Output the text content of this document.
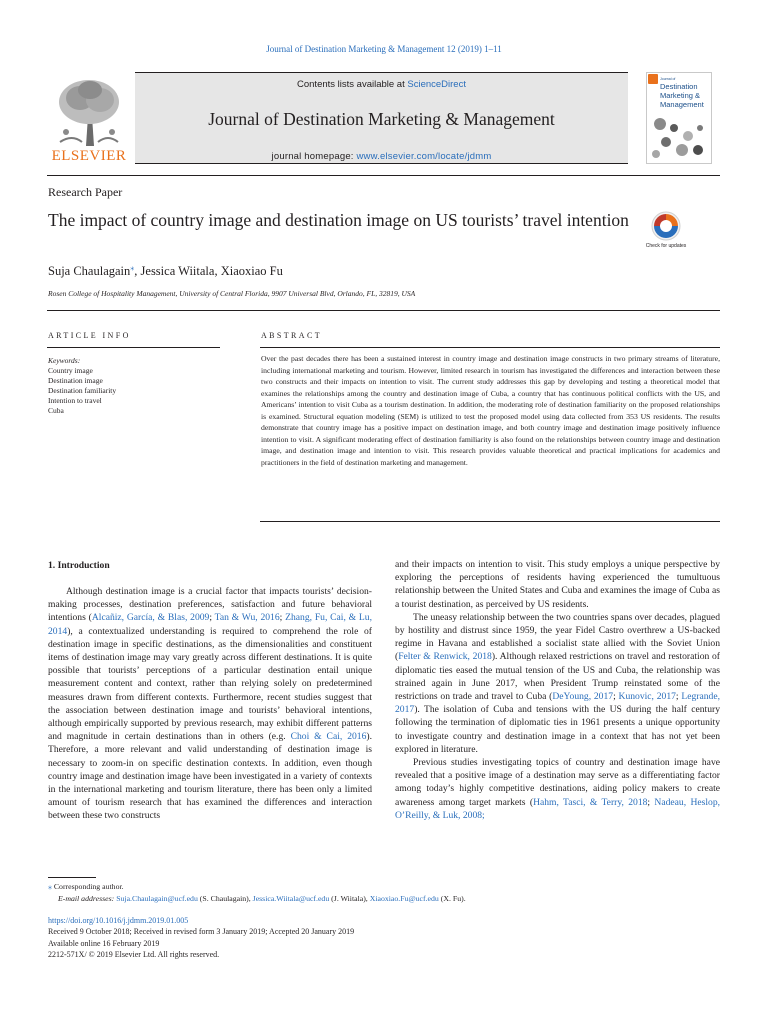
Journal of Destination Marketing & Management 12 (2019) 1–11
ELSEVIER
Contents lists available at ScienceDirect
Journal of Destination Marketing & Management
journal homepage: www.elsevier.com/locate/jdmm
Journal of
Destination
Marketing &
Management
Research Paper
The impact of country image and destination image on US tourists’ travel intention
Check for updates
Suja Chaulagain⁎, Jessica Wiitala, Xiaoxiao Fu
Rosen College of Hospitality Management, University of Central Florida, 9907 Universal Blvd, Orlando, FL, 32819, USA
ARTICLE INFO
Keywords:
Country image
Destination image
Destination familiarity
Intention to travel
Cuba
ABSTRACT
Over the past decades there has been a sustained interest in country image and destination image constructs in two primary streams of literature, including international marketing and tourism. However, limited research in tourism has investigated the differences and interaction between these two constructs and their impacts on intention to visit. The current study addresses this gap by developing and testing a theoretical model that examines the relationships among the country and destination image of Cuba, a country that has continuous political conflicts with the US, and Americans’ intention to visit Cuba as a tourism destination. In addition, the moderating role of destination familiarity on the proposed relationships is examined. Structural equation modeling (SEM) is utilized to test the proposed model using data collected from 353 US residents. The results demonstrate that country image has a positive impact on destination image, and both country image and destination image positively influence intention to visit. A significant moderating effect of destination familiarity is also found on the relationships between country image and destination image, and destination image and intention to visit. This research provides valuable theoretical and practical implications for academics and practitioners in the field of destination marketing and management.
1. Introduction

Although destination image is a crucial factor that impacts tourists’ decision-making processes, destination preferences, satisfaction and future behavioral intentions (Alcañiz, García, & Blas, 2009; Tan & Wu, 2016; Zhang, Fu, Cai, & Lu, 2014), a contextualized understanding is required to comprehend the role of destination image in specific destinations, as the dimensionalities and constituent items of destination image may vary greatly across different destinations. It is quite possible that tourists’ perceptions of a particular destination entail unique measurement content and context, rather than relying solely on predetermined measures drawn from different contexts. Furthermore, recent studies suggest that the association between destination image and tourists’ behavioral intentions, although empirically supported by previous research, may exhibit different patterns and magnitude in certain destinations than in others (e.g. Choi & Cai, 2016). Therefore, a more relevant and valid understanding of destination image is necessary to zoom-in on specific destination contexts. In addition, even though country image and destination image have been investigated in a variety of contexts in the international marketing and tourism literature, there has been only a limited amount of tourism research that has examined the differences and interaction between these two constructs

and their impacts on intention to visit. This study employs a unique perspective by exploring the perceptions of residents having experienced the tumultuous relationship between the United States and Cuba and examines the image of Cuba as a tourist destination, as perceived by US residents.

The uneasy relationship between the two countries spans over decades, plagued by hostility and distrust since 1959, the year Fidel Castro overthrew a US-backed regime in Havana and established a socialist state allied with the Soviet Union (Felter & Renwick, 2018). Although relaxed restrictions on travel and restoration of diplomatic ties eased the mutual tension of the US and Cuba, the relationship was strained again in June 2017, when President Trump reinstated some of the restrictions on trade and travel to Cuba (DeYoung, 2017; Kunovic, 2017; Legrande, 2017). The isolation of Cuba and tensions with the US during the half century following the termination of diplomatic ties in 1961 presents a unique opportunity to investigate country and destination image in a context that has not yet been explored in literature.

Previous studies investigating topics of country and destination image have revealed that a positive image of a destination may serve as a differentiating factor among today’s highly competitive destinations, aiding policy makers to create awareness among target markets (Hahm, Tasci, & Terry, 2018; Nadeau, Heslop, O’Reilly, & Luk, 2008;

⁎ Corresponding author.
E-mail addresses: Suja.Chaulagain@ucf.edu (S. Chaulagain), Jessica.Wiitala@ucf.edu (J. Wiitala), Xiaoxiao.Fu@ucf.edu (X. Fu).
https://doi.org/10.1016/j.jdmm.2019.01.005
Received 9 October 2018; Received in revised form 3 January 2019; Accepted 20 January 2019
Available online 16 February 2019
2212-571X/ © 2019 Elsevier Ltd. All rights reserved.
